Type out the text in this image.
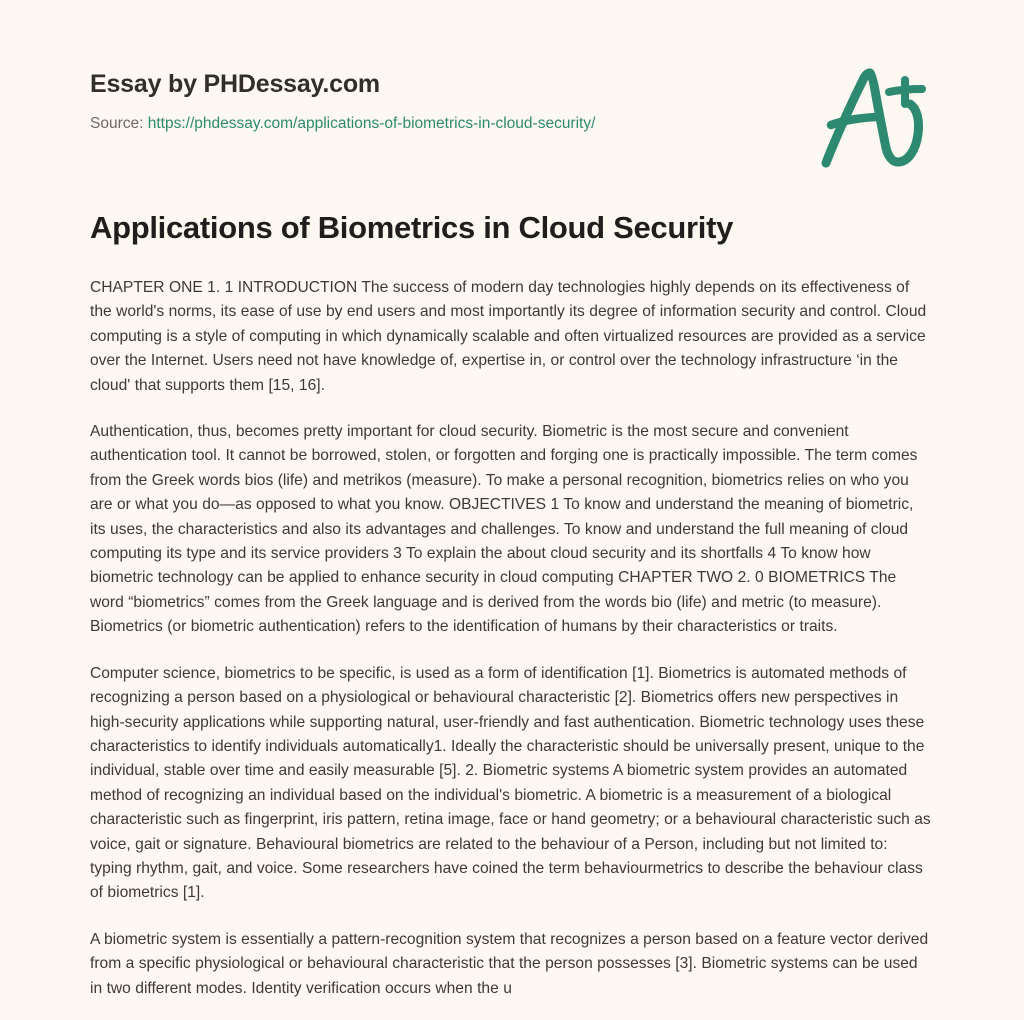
Essay by PHDessay.com
Source: https://phdessay.com/applications-of-biometrics-in-cloud-security/
Applications of Biometrics in Cloud Security

CHAPTER ONE 1. 1 INTRODUCTION The success of modern day technologies highly depends on its effectiveness of the world's norms, its ease of use by end users and most importantly its degree of information security and control. Cloud computing is a style of computing in which dynamically scalable and often virtualized resources are provided as a service over the Internet. Users need not have knowledge of, expertise in, or control over the technology infrastructure ‘in the cloud' that supports them [15, 16].

Authentication, thus, becomes pretty important for cloud security. Biometric is the most secure and convenient authentication tool. It cannot be borrowed, stolen, or forgotten and forging one is practically impossible. The term comes from the Greek words bios (life) and metrikos (measure). To make a personal recognition, biometrics relies on who you are or what you do—as opposed to what you know. OBJECTIVES 1 To know and understand the meaning of biometric, its uses, the characteristics and also its advantages and challenges. To know and understand the full meaning of cloud computing its type and its service providers 3 To explain the about cloud security and its shortfalls 4 To know how biometric technology can be applied to enhance security in cloud computing CHAPTER TWO 2. 0 BIOMETRICS The word “biometrics” comes from the Greek language and is derived from the words bio (life) and metric (to measure). Biometrics (or biometric authentication) refers to the identification of humans by their characteristics or traits.

Computer science, biometrics to be specific, is used as a form of identification [1]. Biometrics is automated methods of recognizing a person based on a physiological or behavioural characteristic [2]. Biometrics offers new perspectives in high-security applications while supporting natural, user-friendly and fast authentication. Biometric technology uses these characteristics to identify individuals automatically1. Ideally the characteristic should be universally present, unique to the individual, stable over time and easily measurable [5]. 2. Biometric systems A biometric system provides an automated method of recognizing an individual based on the individual's biometric. A biometric is a measurement of a biological characteristic such as fingerprint, iris pattern, retina image, face or hand geometry; or a behavioural characteristic such as voice, gait or signature. Behavioural biometrics are related to the behaviour of a Person, including but not limited to: typing rhythm, gait, and voice. Some researchers have coined the term behaviourmetrics to describe the behaviour class of biometrics [1].

A biometric system is essentially a pattern-recognition system that recognizes a person based on a feature vector derived from a specific physiological or behavioural characteristic that the person possesses [3]. Biometric systems can be used in two different modes. Identity verification occurs when the u
